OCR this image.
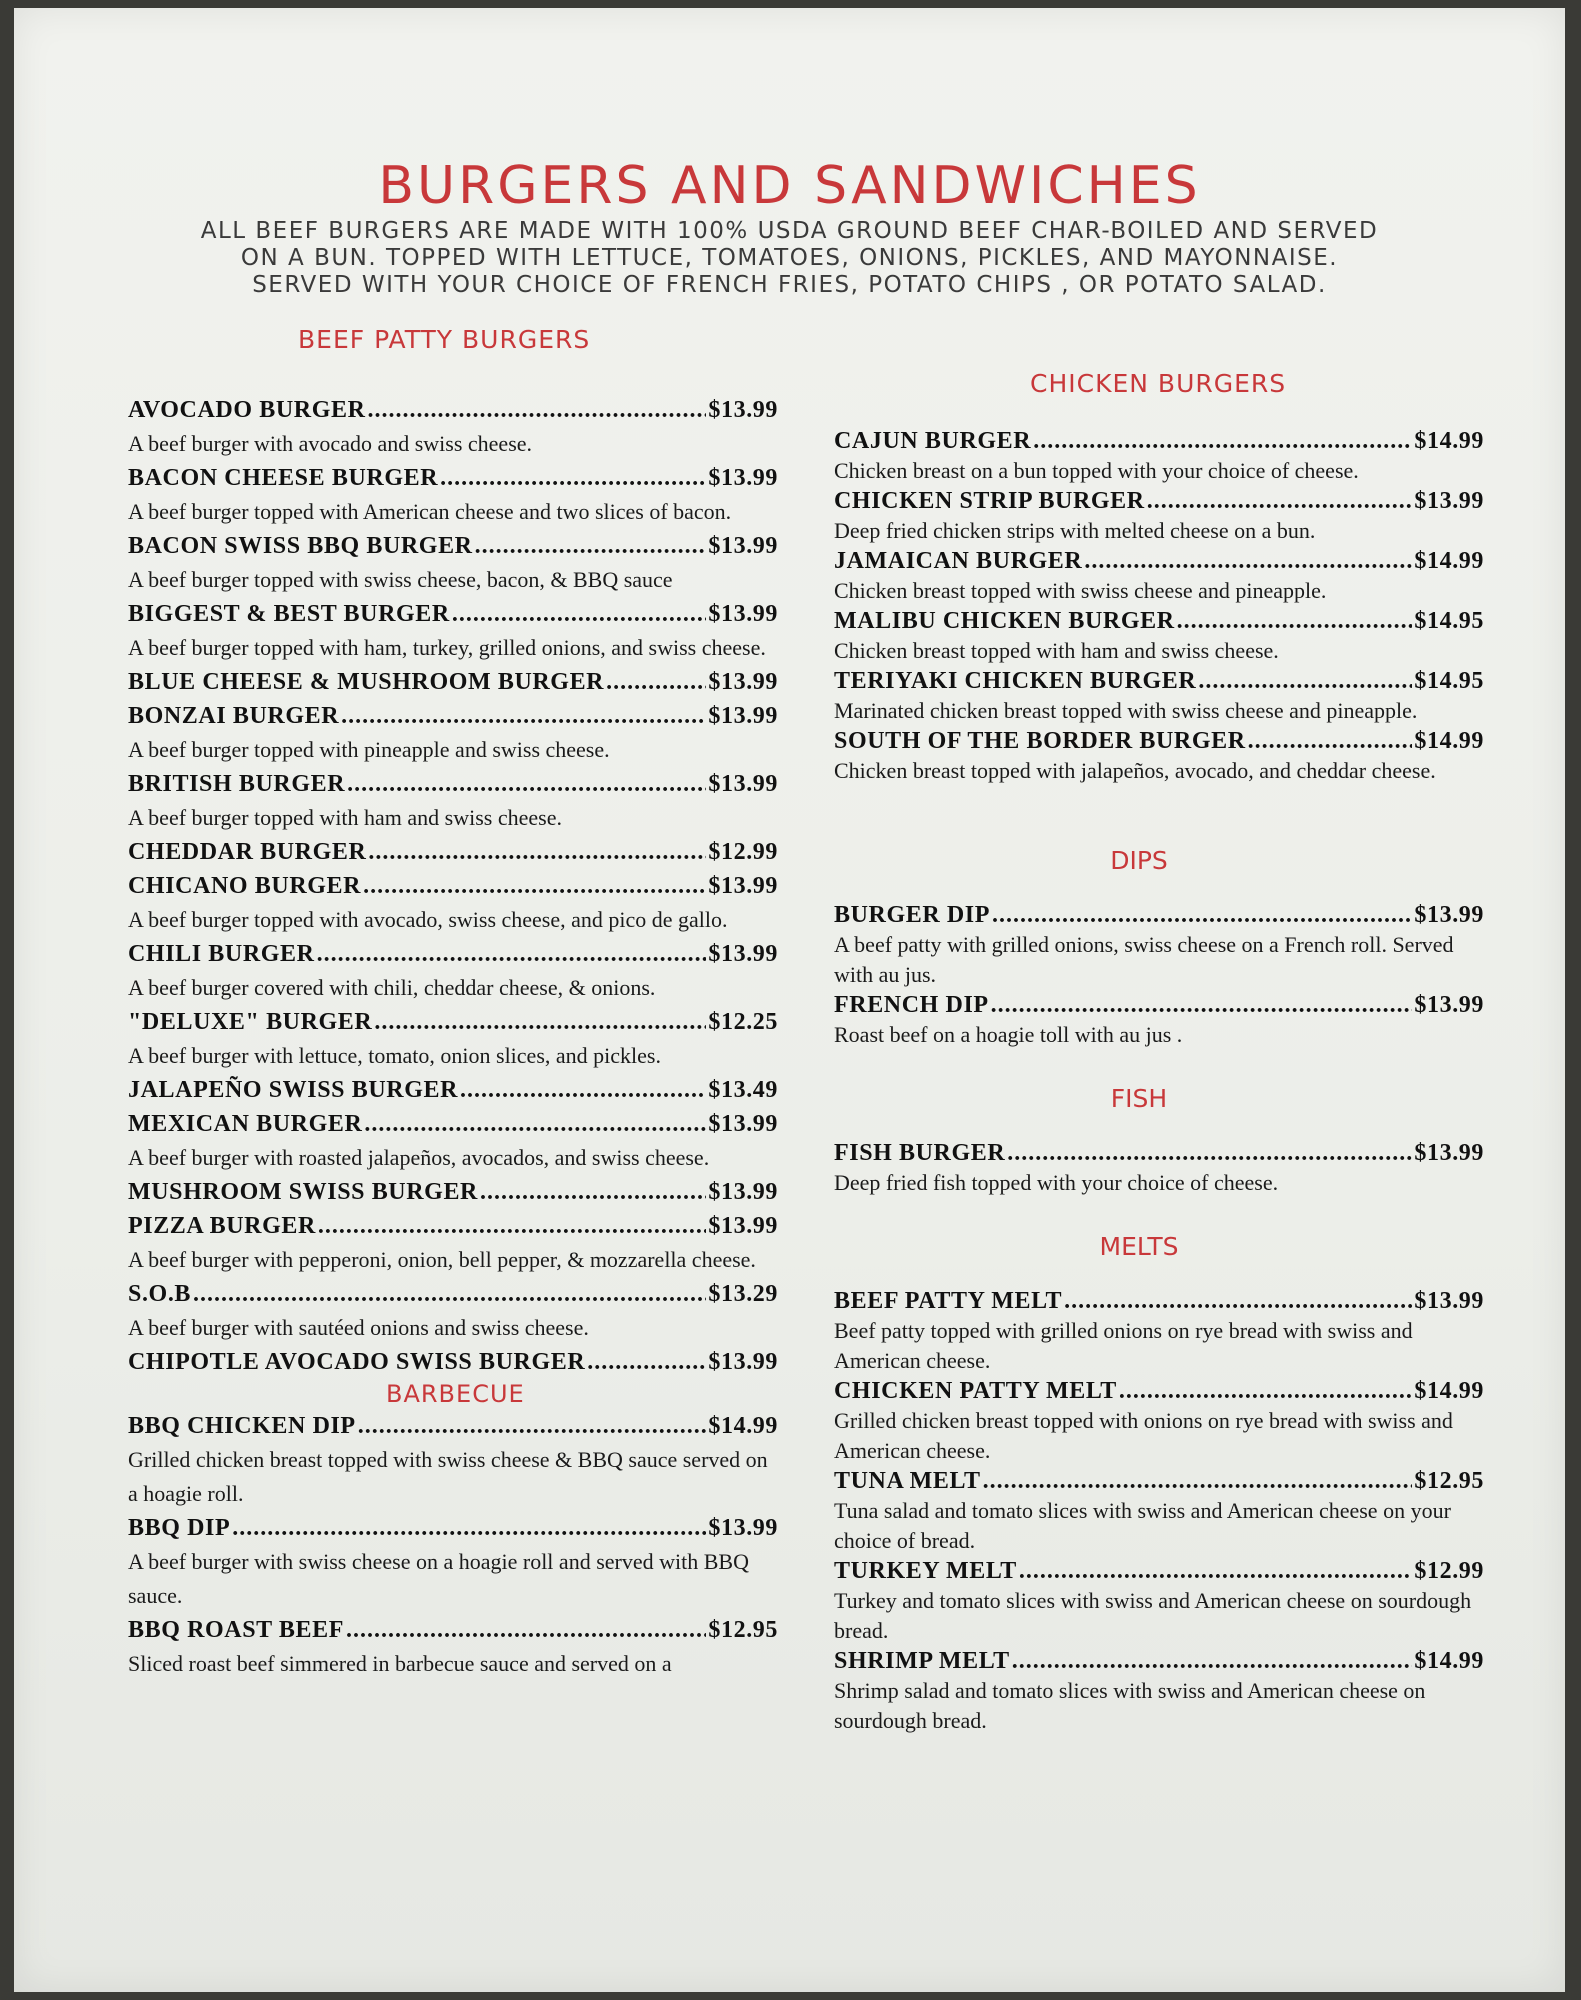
BURGERS AND SANDWICHES
ALL BEEF BURGERS ARE MADE WITH 100% USDA GROUND BEEF CHAR-BOILED AND SERVED
ON A BUN. TOPPED WITH LETTUCE, TOMATOES, ONIONS, PICKLES, AND MAYONNAISE.
SERVED WITH YOUR CHOICE OF FRENCH FRIES, POTATO CHIPS , OR POTATO SALAD.
BEEF PATTY BURGERS
AVOCADO BURGER .....	$13.99
A beef burger with avocado and swiss cheese.
BACON CHEESE BURGER .....	$13.99
A beef burger topped with American cheese and two slices of bacon.
BACON SWISS BBQ BURGER .....	$13.99
A beef burger topped with swiss cheese, bacon, & BBQ sauce
BIGGEST & BEST BURGER .....	$13.99
A beef burger topped with ham, turkey, grilled onions, and swiss cheese.
BLUE CHEESE & MUSHROOM BURGER .....	$13.99
BONZAI BURGER .....	$13.99
A beef burger topped with pineapple and swiss cheese.
BRITISH BURGER .....	$13.99
A beef burger topped with ham and swiss cheese.
CHEDDAR BURGER .....	$12.99
CHICANO BURGER .....	$13.99
A beef burger topped with avocado, swiss cheese, and pico de gallo.
CHILI BURGER .....	$13.99
A beef burger covered with chili, cheddar cheese, & onions.
"DELUXE" BURGER .....	$12.25
A beef burger with lettuce, tomato, onion slices, and pickles.
JALAPEÑO SWISS BURGER .....	$13.49
MEXICAN BURGER .....	$13.99
A beef burger with roasted jalapeños, avocados, and swiss cheese.
MUSHROOM SWISS BURGER .....	$13.99
PIZZA BURGER .....	$13.99
A beef burger with pepperoni, onion, bell pepper, & mozzarella cheese.
S.O.B .....	$13.29
A beef burger with sautéed onions and swiss cheese.
CHIPOTLE AVOCADO SWISS BURGER .....	$13.99
BARBECUE
BBQ CHICKEN DIP .....	$14.99
Grilled chicken breast topped with swiss cheese & BBQ sauce served on a hoagie roll.
BBQ DIP .....	$13.99
A beef burger with swiss cheese on a hoagie roll and served with BBQ sauce.
BBQ ROAST BEEF .....	$12.95
Sliced roast beef simmered in barbecue sauce and served on a
CHICKEN BURGERS
CAJUN BURGER .....	$14.99
Chicken breast on a bun topped with your choice of cheese.
CHICKEN STRIP BURGER .....	$13.99
Deep fried chicken strips with melted cheese on a bun.
JAMAICAN BURGER .....	$14.99
Chicken breast topped with swiss cheese and pineapple.
MALIBU CHICKEN BURGER .....	$14.95
Chicken breast topped with ham and swiss cheese.
TERIYAKI CHICKEN BURGER .....	$14.95
Marinated chicken breast topped with swiss cheese and pineapple.
SOUTH OF THE BORDER BURGER .....	$14.99
Chicken breast topped with jalapeños, avocado, and cheddar cheese.
DIPS
BURGER DIP .....	$13.99
A beef patty with grilled onions, swiss cheese on a French roll. Served with au jus.
FRENCH DIP .....	$13.99
Roast beef on a hoagie toll with au jus .
FISH
FISH BURGER .....	$13.99
Deep fried fish topped with your choice of cheese.
MELTS
BEEF PATTY MELT .....	$13.99
Beef patty topped with grilled onions on rye bread with swiss and American cheese.
CHICKEN PATTY MELT .....	$14.99
Grilled chicken breast topped with onions on rye bread with swiss and American cheese.
TUNA MELT .....	$12.95
Tuna salad and tomato slices with swiss and American cheese on your choice of bread.
TURKEY MELT .....	$12.99
Turkey and tomato slices with swiss and American cheese on sourdough bread.
SHRIMP MELT .....	$14.99
Shrimp salad and tomato slices with swiss and American cheese on sourdough bread.
